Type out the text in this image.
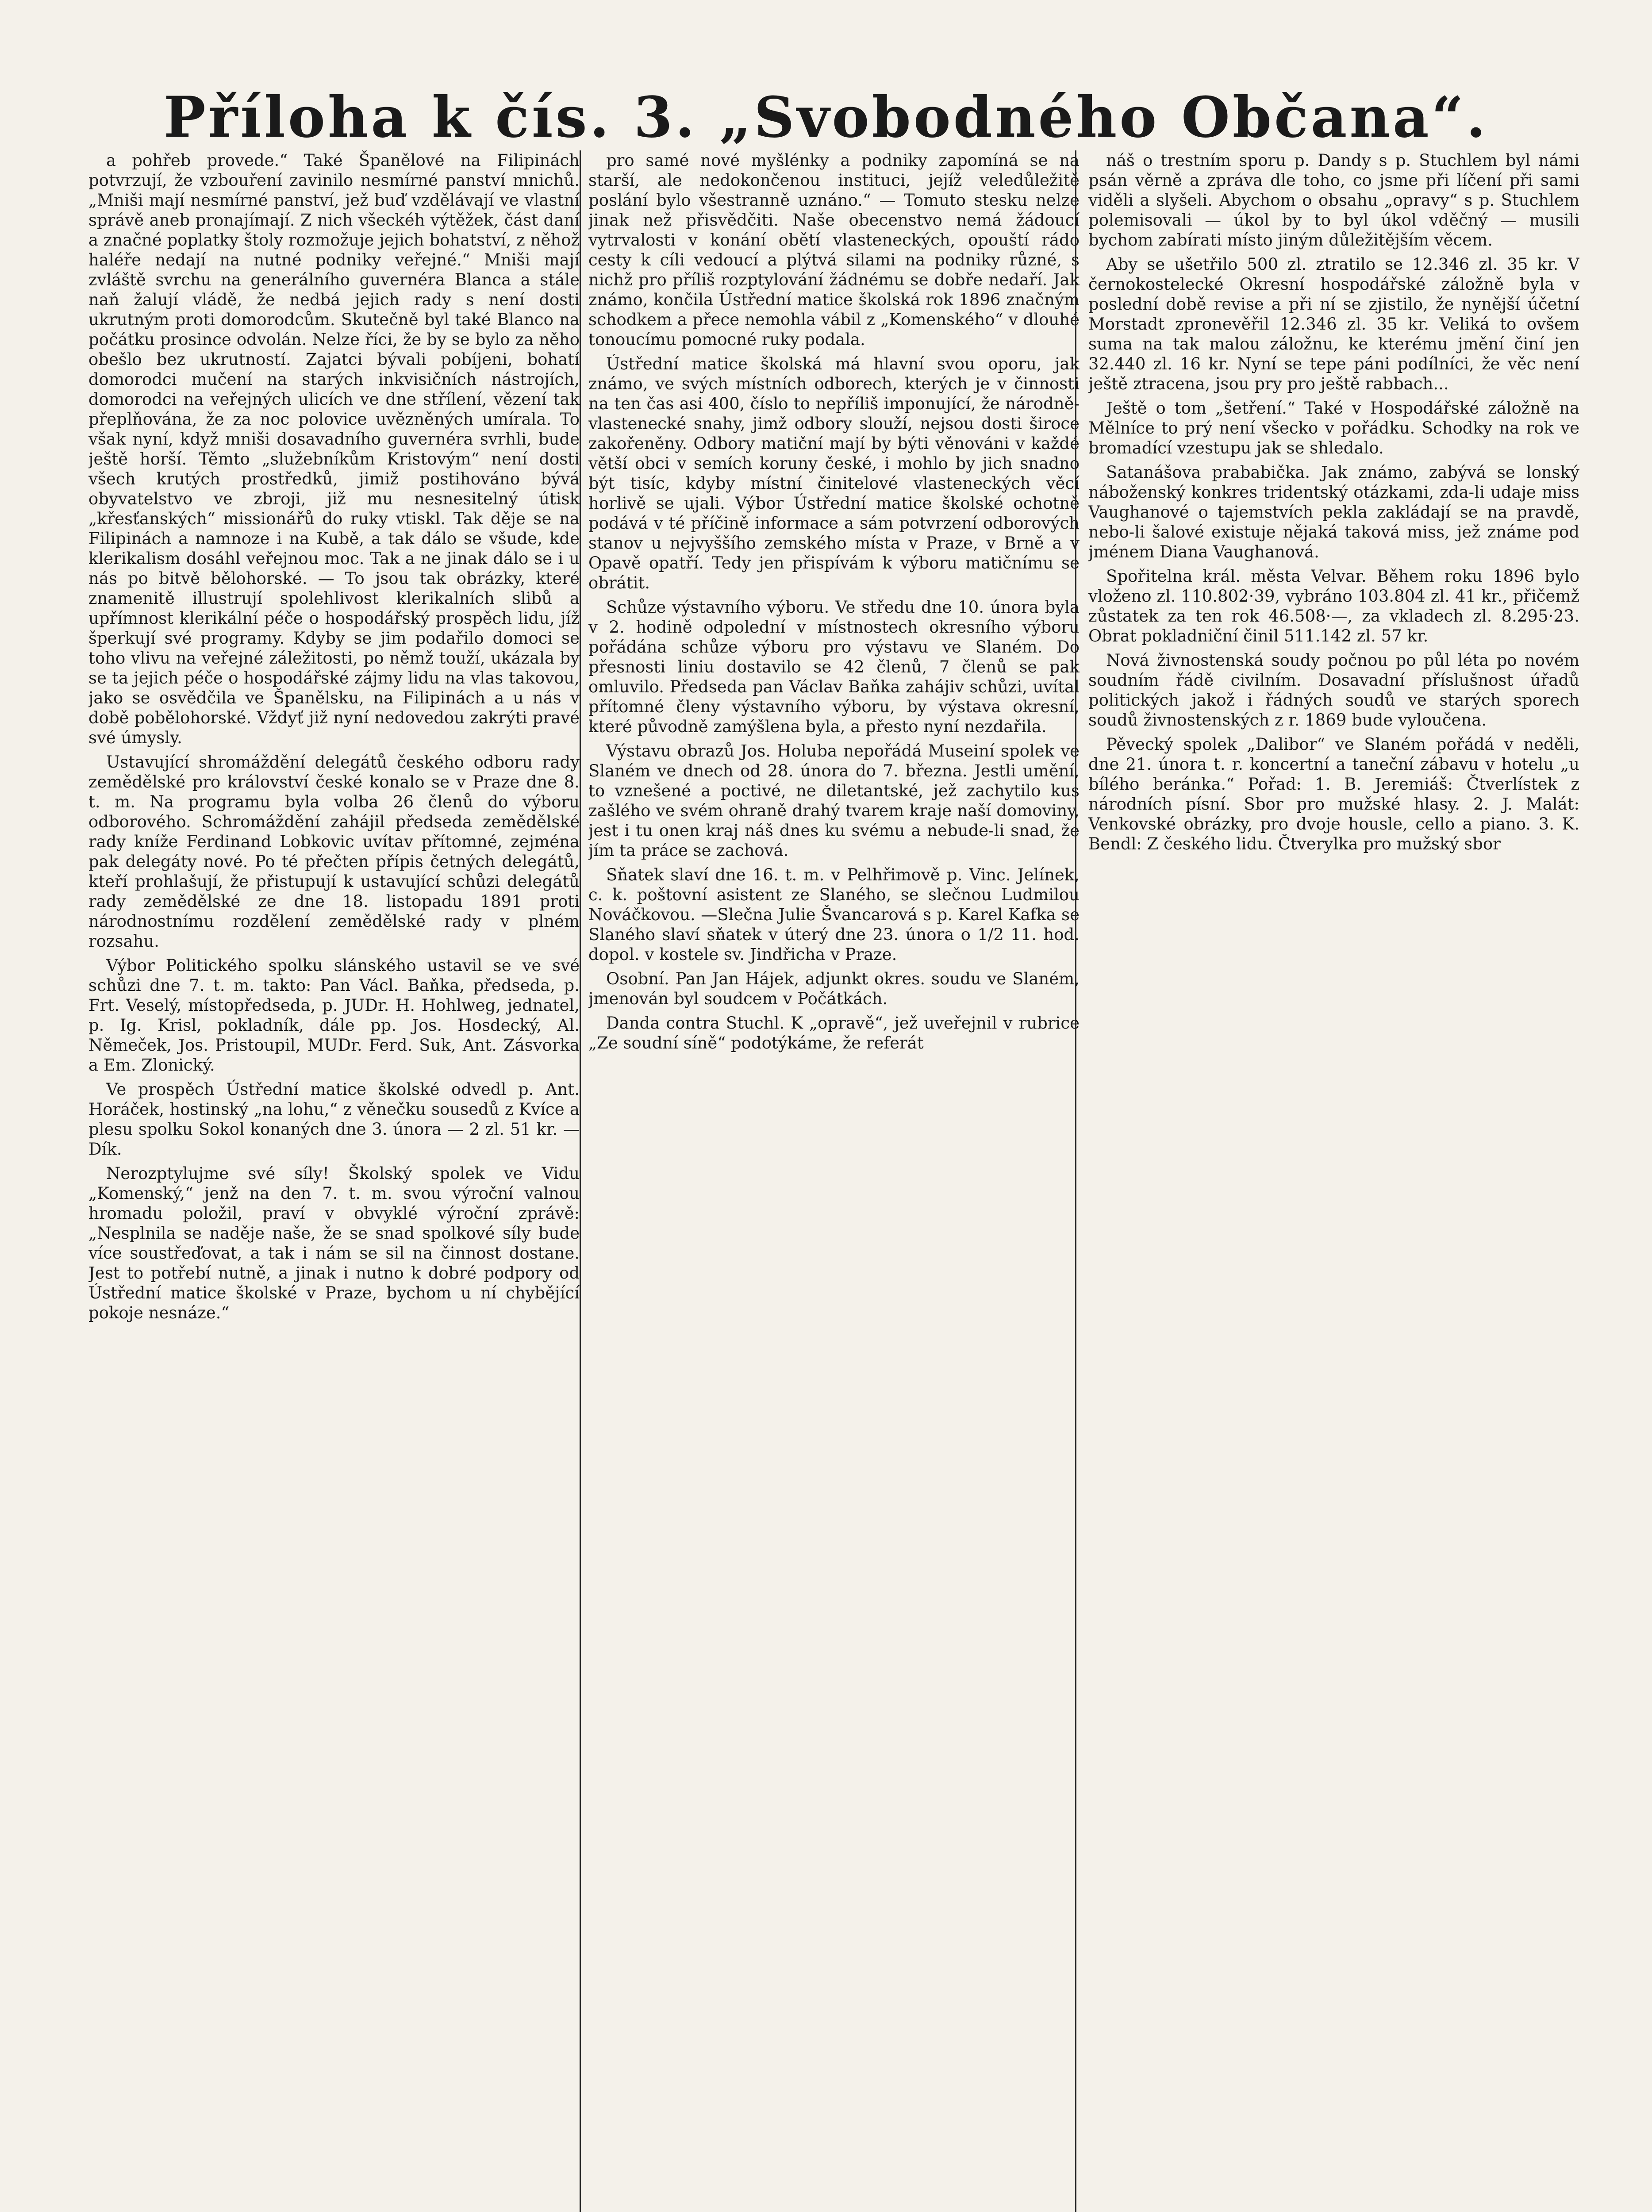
Příloha k čís. 3. „Svobodného Občana“.

a pohřeb provede.“ Také Španělové na Filipinách potvrzují, že vzbouření zavinilo nesmírné panství mnichů. „Mniši mají nesmírné panství, jež buď vzdělávají ve vlastní správě aneb pronajímají. Z nich všeckéh výtěžek, část daní a značné poplatky štoly rozmožuje jejich bohatství, z něhož haléře nedají na nutné podniky veřejné.“ Mniši mají zvláště svrchu na generálního guvernéra Blanca a stále naň žalují vládě, že nedbá jejich rady s není dosti ukrutným proti domorodcům. Skutečně byl také Blanco na počátku prosince odvolán. Nelze říci, že by se bylo za něho obešlo bez ukrutností. Zajatci bývali pobíjeni, bohatí domorodci mučení na starých inkvisičních nástrojích, domorodci na veřejných ulicích ve dne střílení, vězení tak přeplňována, že za noc polovice uvězněných umírala. To však nyní, když mniši dosavadního guvernéra svrhli, bude ještě horší. Těmto „služebníkům Kristovým“ není dosti všech krutých prostředků, jimiž postihováno bývá obyvatelstvo ve zbroji, již mu nesnesitelný útisk „křesťanských“ missionářů do ruky vtiskl. Tak děje se na Filipinách a namnoze i na Kubě, a tak dálo se všude, kde klerikalism dosáhl veřejnou moc. Tak a ne jinak dálo se i u nás po bitvě bělohorské. — To jsou tak obrázky, které znamenitě illustrují spolehlivost klerikalních slibů a upřímnost klerikální péče o hospodářský prospěch lidu, jíž šperkují své programy. Kdyby se jim podařilo domoci se toho vlivu na veřejné záležitosti, po němž touží, ukázala by se ta jejich péče o hospodářské zájmy lidu na vlas takovou, jako se osvědčila ve Španělsku, na Filipinách a u nás v době pobělohorské. Vždyť již nyní nedovedou zakrýti pravé své úmysly.

Ustavující shromáždění delegátů českého odboru rady zemědělské pro království české konalo se v Praze dne 8. t. m. Na programu byla volba 26 členů do výboru odborového. Schromáždění zahájil předseda zemědělské rady kníže Ferdinand Lobkovic uvítav přítomné, zejména pak delegáty nové. Po té přečten přípis četných delegátů, kteří prohlašují, že přistupují k ustavující schůzi delegátů rady zemědělské ze dne 18. listopadu 1891 proti národnostnímu rozdělení zemědělské rady v plném rozsahu.

Výbor Politického spolku slánského ustavil se ve své schůzi dne 7. t. m. takto: Pan Václ. Baňka, předseda, p. Frt. Veselý, místopředseda, p. JUDr. H. Hohlweg, jednatel, p. Ig. Krisl, pokladník, dále pp. Jos. Hosdecký, Al. Němeček, Jos. Pristoupil, MUDr. Ferd. Suk, Ant. Zásvorka a Em. Zlonický.

Ve prospěch Ústřední matice školské odvedl p. Ant. Horáček, hostinský „na lohu,“ z věnečku sousedů z Kvíce a plesu spolku Sokol konaných dne 3. února — 2 zl. 51 kr. — Dík.

Nerozptylujme své síly! Školský spolek ve Vidu „Komenský,“ jenž na den 7. t. m. svou výroční valnou hromadu položil, praví v obvyklé výroční zprávě: „Nesplnila se naděje naše, že se snad spolkové síly bude více soustřeďovat, a tak i nám se sil na činnost dostane. Jest to potřebí nutně, a jinak i nutno k dobré podpory od Ústřední matice školské v Praze, bychom u ní chybějící pokoje nesnáze.“

pro samé nové myšlénky a podniky zapomíná se na starší, ale nedokončenou instituci, jejíž veledůležitě poslání bylo všestranně uznáno.“ — Tomuto stesku nelze jinak než přisvědčiti. Naše obecenstvo nemá žádoucí vytrvalosti v konání obětí vlasteneckých, opouští rádo cesty k cíli vedoucí a plýtvá silami na podniky různé, s nichž pro příliš rozptylování žádnému se dobře nedaří. Jak známo, končila Ústřední matice školská rok 1896 značným schodkem a přece nemohla vábil z „Komenského“ v dlouhé tonoucímu pomocné ruky podala.

Ústřední matice školská má hlavní svou oporu, jak známo, ve svých místních odborech, kterých je v činnosti na ten čas asi 400, číslo to nepříliš imponující, že národně-vlastenecké snahy, jimž odbory slouží, nejsou dosti široce zakořeněny. Odbory matiční mají by býti věnováni v každé větší obci v semích koruny české, i mohlo by jich snadno být tisíc, kdyby místní činitelové vlasteneckých věcí horlivě se ujali. Výbor Ústřední matice školské ochotně podává v té příčině informace a sám potvrzení odborových stanov u nejvyššího zemského místa v Praze, v Brně a v Opavě opatří. Tedy jen přispívám k výboru matičnímu se obrátit.

Schůze výstavního výboru. Ve středu dne 10. února byla v 2. hodině odpolední v místnostech okresního výboru pořádána schůze výboru pro výstavu ve Slaném. Do přesnosti liniu dostavilo se 42 členů, 7 členů se pak omluvilo. Předseda pan Václav Baňka zahájiv schůzi, uvítal přítomné členy výstavního výboru, by výstava okresní, které původně zamýšlena byla, a přesto nyní nezdařila.

Výstavu obrazů Jos. Holuba nepořádá Museiní spolek ve Slaném ve dnech od 28. února do 7. března. Jestli umění, to vznešené a poctivé, ne diletantské, jež zachytilo kus zašlého ve svém ohraně drahý tvarem kraje naší domoviny, jest i tu onen kraj náš dnes ku svému a nebude-li snad, že jím ta práce se zachová.

Sňatek slaví dne 16. t. m. v Pelhřimově p. Vinc. Jelínek, c. k. poštovní asistent ze Slaného, se slečnou Ludmilou Nováčkovou. —Slečna Julie Švancarová s p. Karel Kafka se Slaného slaví sňatek v úterý dne 23. února o 1/2 11. hod. dopol. v kostele sv. Jindřicha v Praze.

Osobní. Pan Jan Hájek, adjunkt okres. soudu ve Slaném, jmenován byl soudcem v Počátkách.

Danda contra Stuchl. K „opravě“, jež uveřejnil v rubrice „Ze soudní síně“ podotýkáme, že referát

náš o trestním sporu p. Dandy s p. Stuchlem byl námi psán věrně a zpráva dle toho, co jsme při líčení při sami viděli a slyšeli. Abychom o obsahu „opravy“ s p. Stuchlem polemisovali — úkol by to byl úkol vděčný — musili bychom zabírati místo jiným důležitějším věcem.

Aby se ušetřilo 500 zl. ztratilo se 12.346 zl. 35 kr. V černokostelecké Okresní hospodářské záložně byla v poslední době revise a při ní se zjistilo, že nynější účetní Morstadt zpronevěřil 12.346 zl. 35 kr. Veliká to ovšem suma na tak malou záložnu, ke kterému jmění činí jen 32.440 zl. 16 kr. Nyní se tepe páni podílníci, že věc není ještě ztracena, jsou pry pro ještě rabbach...

Ještě o tom „šetření.“ Také v Hospodářské záložně na Mělníce to prý není všecko v pořádku. Schodky na rok ve bromadící vzestupu jak se shledalo.

Satanášova prababička. Jak známo, zabývá se lonský náboženský konkres tridentský otázkami, zda-li udaje miss Vaughanové o tajemstvích pekla zakládají se na pravdě, nebo-li šalové existuje nějaká taková miss, jež známe pod jménem Diana Vaughanová.

Spořitelna král. města Velvar. Během roku 1896 bylo vloženo zl. 110.802·39, vybráno 103.804 zl. 41 kr., přičemž zůstatek za ten rok 46.508·—, za vkladech zl. 8.295·23. Obrat pokladniční činil 511.142 zl. 57 kr.

Nová živnostenská soudy počnou po půl léta po novém soudním řádě civilním. Dosavadní příslušnost úřadů politických jakož i řádných soudů ve starých sporech soudů živnostenských z r. 1869 bude vyloučena.

Pěvecký spolek „Dalibor“ ve Slaném pořádá v neděli, dne 21. února t. r. koncertní a taneční zábavu v hotelu „u bílého beránka.“ Pořad: 1. B. Jeremiáš: Čtverlístek z národních písní. Sbor pro mužské hlasy. 2. J. Malát: Venkovské obrázky, pro dvoje housle, cello a piano. 3. K. Bendl: Z českého lidu. Čtverylka pro mužský sbor
